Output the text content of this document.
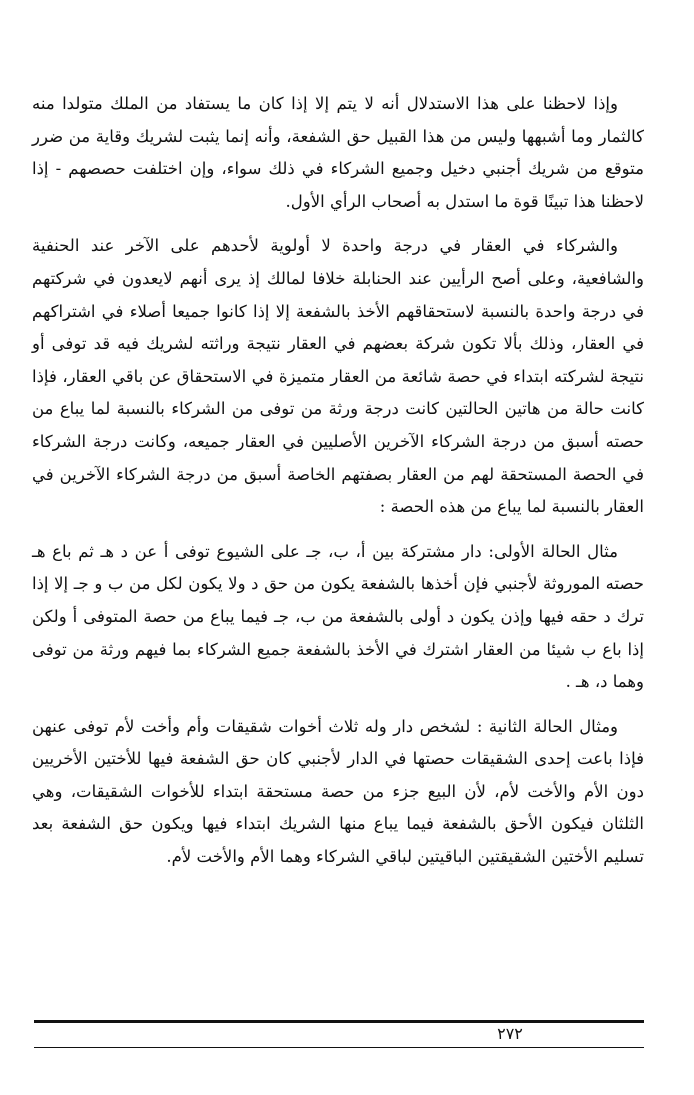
وإذا لاحظنا على هذا الاستدلال أنه لا يتم إلا إذا كان ما يستفاد من الملك متولدا منه كالثمار وما أشبهها وليس من هذا القبيل حق الشفعة، وأنه إنما يثبت لشريك وقاية من ضرر متوقع من شريك أجنبي دخيل وجميع الشركاء في ذلك سواء، وإن اختلفت حصصهم - إذا لاحظنا هذا تبينًا قوة ما استدل به أصحاب الرأي الأول.

والشركاء في العقار في درجة واحدة لا أولوية لأحدهم على الآخر عند الحنفية والشافعية، وعلى أصح الرأيين عند الحنابلة خلافا لمالك إذ يرى أنهم لايعدون في شركتهم في درجة واحدة بالنسبة لاستحقاقهم الأخذ بالشفعة إلا إذا كانوا جميعا أصلاء في اشتراكهم في العقار، وذلك بألا تكون شركة بعضهم في العقار نتيجة وراثته لشريك فيه قد توفى أو نتيجة لشركته ابتداء في حصة شائعة من العقار متميزة في الاستحقاق عن باقي العقار، فإذا كانت حالة من هاتين الحالتين كانت درجة ورثة من توفى من الشركاء بالنسبة لما يباع من حصته أسبق من درجة الشركاء الآخرين الأصليين في العقار جميعه، وكانت درجة الشركاء في الحصة المستحقة لهم من العقار بصفتهم الخاصة أسبق من درجة الشركاء الآخرين في العقار بالنسبة لما يباع من هذه الحصة :

مثال الحالة الأولى: دار مشتركة بين أ، ب، جـ على الشيوع توفى أ عن د هـ ثم باع هـ حصته الموروثة لأجنبي فإن أخذها بالشفعة يكون من حق د ولا يكون لكل من ب و جـ إلا إذا ترك د حقه فيها وإذن يكون د أولى بالشفعة من ب، جـ فيما يباع من حصة المتوفى أ ولكن إذا باع ب شيئا من العقار اشترك في الأخذ بالشفعة جميع الشركاء بما فيهم ورثة من توفى وهما د، هـ .

ومثال الحالة الثانية : لشخص دار وله ثلاث أخوات شقيقات وأم وأخت لأم توفى عنهن فإذا باعت إحدى الشقيقات حصتها في الدار لأجنبي كان حق الشفعة فيها للأختين الأخريين دون الأم والأخت لأم، لأن البيع جزء من حصة مستحقة ابتداء للأخوات الشقيقات، وهي الثلثان فيكون الأحق بالشفعة فيما يباع منها الشريك ابتداء فيها ويكون حق الشفعة بعد تسليم الأختين الشقيقتين الباقيتين لباقي الشركاء وهما الأم والأخت لأم.

٢٧٢
